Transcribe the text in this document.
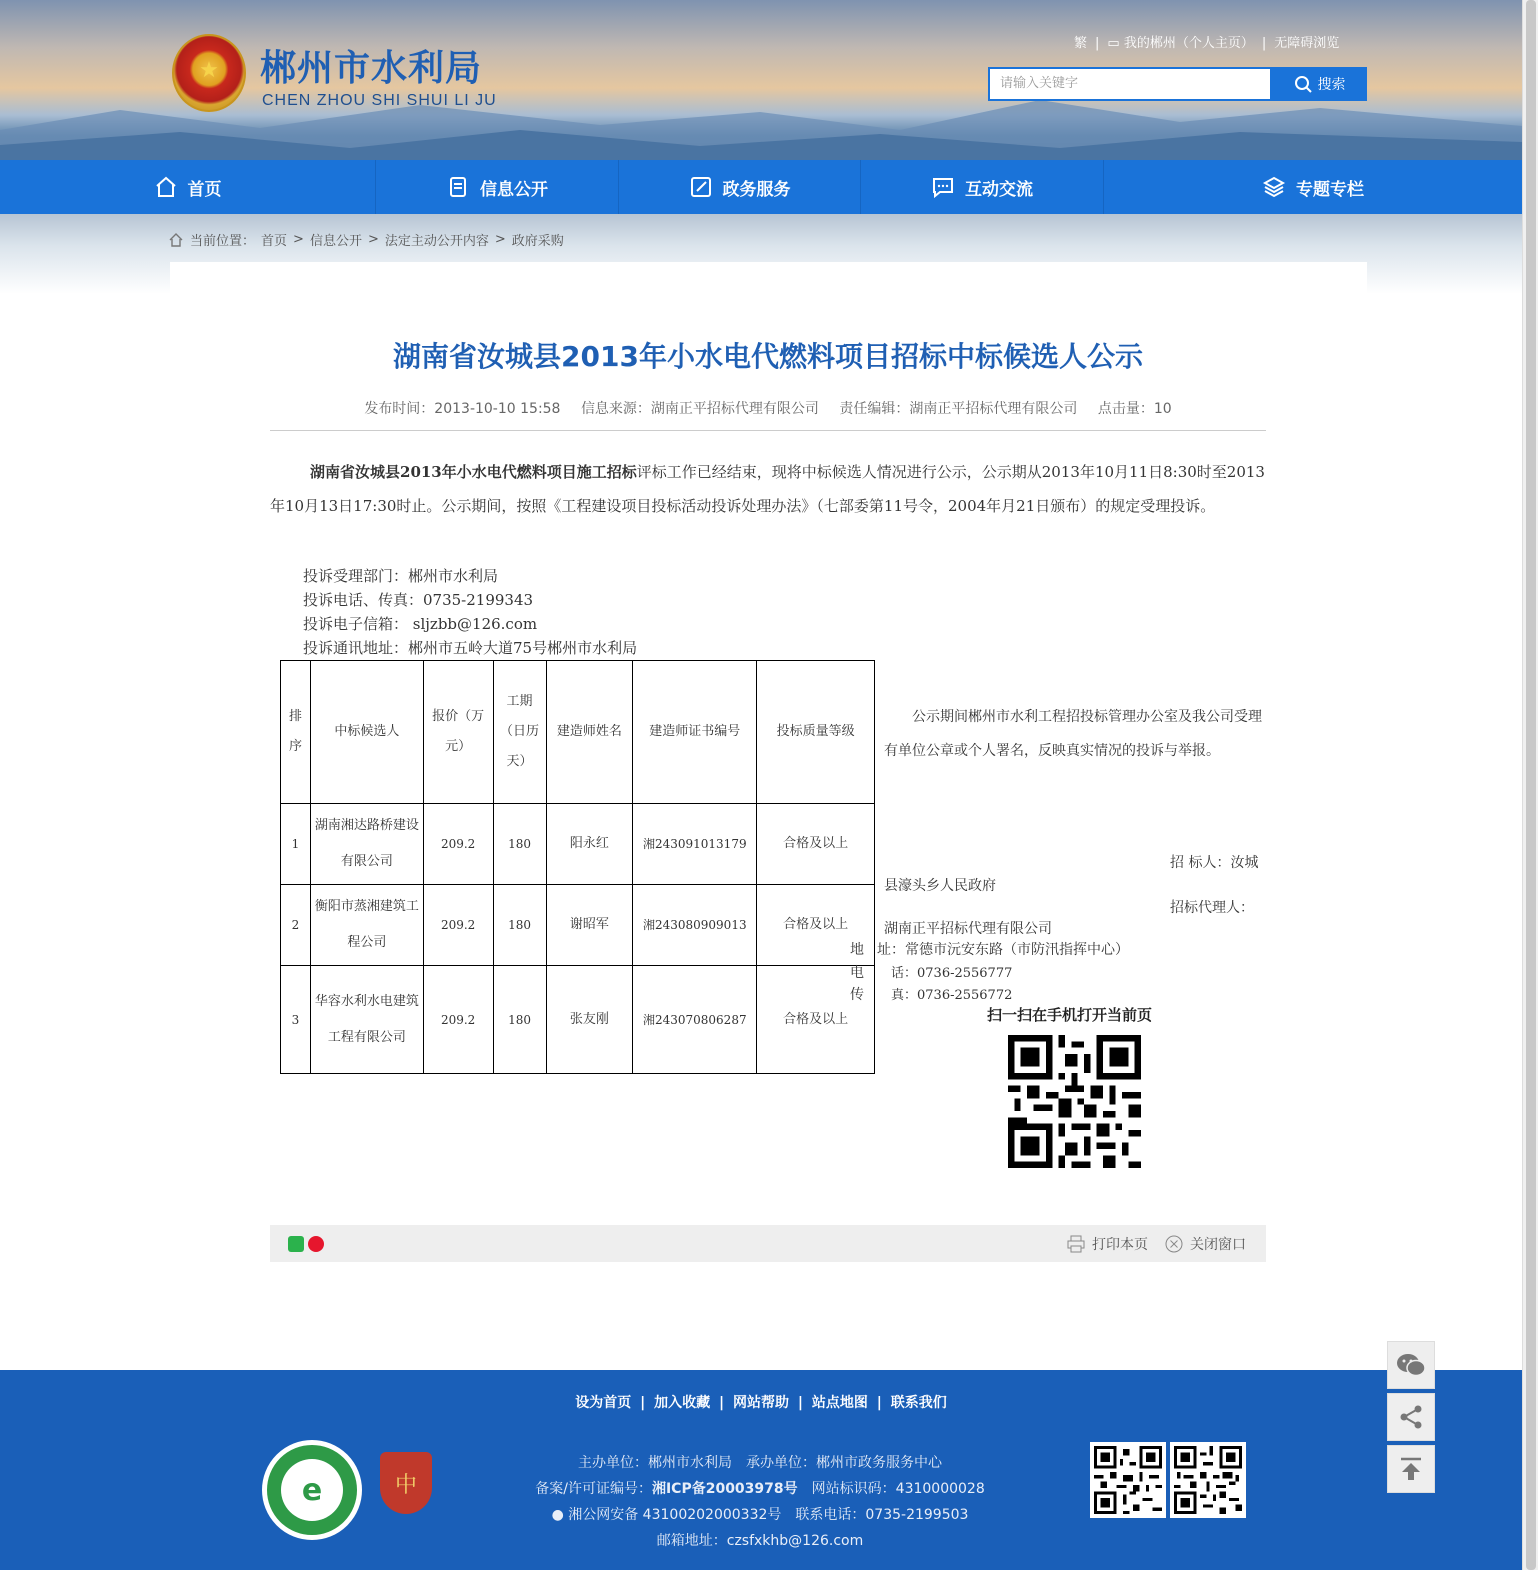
★	郴州市水利局
CHEN ZHOU SHI SHUI LI JU
繁 | ▭ 我的郴州（个人主页） | 无障碍浏览
请输入关键字	搜索
首页	信息公开	政务服务	互动交流	专题专栏
当前位置： 首页 > 信息公开 > 法定主动公开内容 > 政府采购
湖南省汝城县2013年小水电代燃料项目招标中标候选人公示
发布时间：2013-10-10 15:58 信息来源：湖南正平招标代理有限公司 责任编辑：湖南正平招标代理有限公司 点击量：10

湖南省汝城县2013年小水电代燃料项目施工招标评标工作已经结束，现将中标候选人情况进行公示，公示期从2013年10月11日8:30时至2013年10月13日17:30时止。公示期间，按照《工程建设项目投标活动投诉处理办法》（七部委第11号令，2004年月21日颁布）的规定受理投诉。

投诉受理部门：郴州市水利局
投诉电话、传真：0735-2199343
投诉电子信箱： sljzbb@126.com
投诉通讯地址：郴州市五岭大道75号郴州市水利局
排序	中标候选人	报价（万元）	工期（日历天）	建造师姓名	建造师证书编号	投标质量等级
1	湖南湘达路桥建设有限公司	209.2	180	阳永红	湘243091013179	合格及以上
2	衡阳市蒸湘建筑工程公司	209.2	180	谢昭军	湘243080909013	合格及以上
3	华容水利水电建筑工程有限公司	209.2	180	张友刚	湘243070806287	合格及以上

公示期间郴州市水利工程招投标管理办公室及我公司受理有单位公章或个人署名，反映真实情况的投诉与举报。

招 标人：汝城
县濠头乡人民政府
招标代理人：
湖南正平招标代理有限公司
地 址：常德市沅安东路（市防汛指挥中心）
电 话：0736-2556777
传 真：0736-2556772
扫一扫在手机打开当前页
打印本页	关闭窗口
设为首页 | 加入收藏 | 网站帮助 | 站点地图 | 联系我们
e	中
主办单位：郴州市水利局　承办单位：郴州市政务服务中心
备案/许可证编号：湘ICP备20003978号　 网站标识码：4310000028
● 湘公网安备 43100202000332号　 联系电话：0735-2199503
邮箱地址：czsfxkhb@126.com
